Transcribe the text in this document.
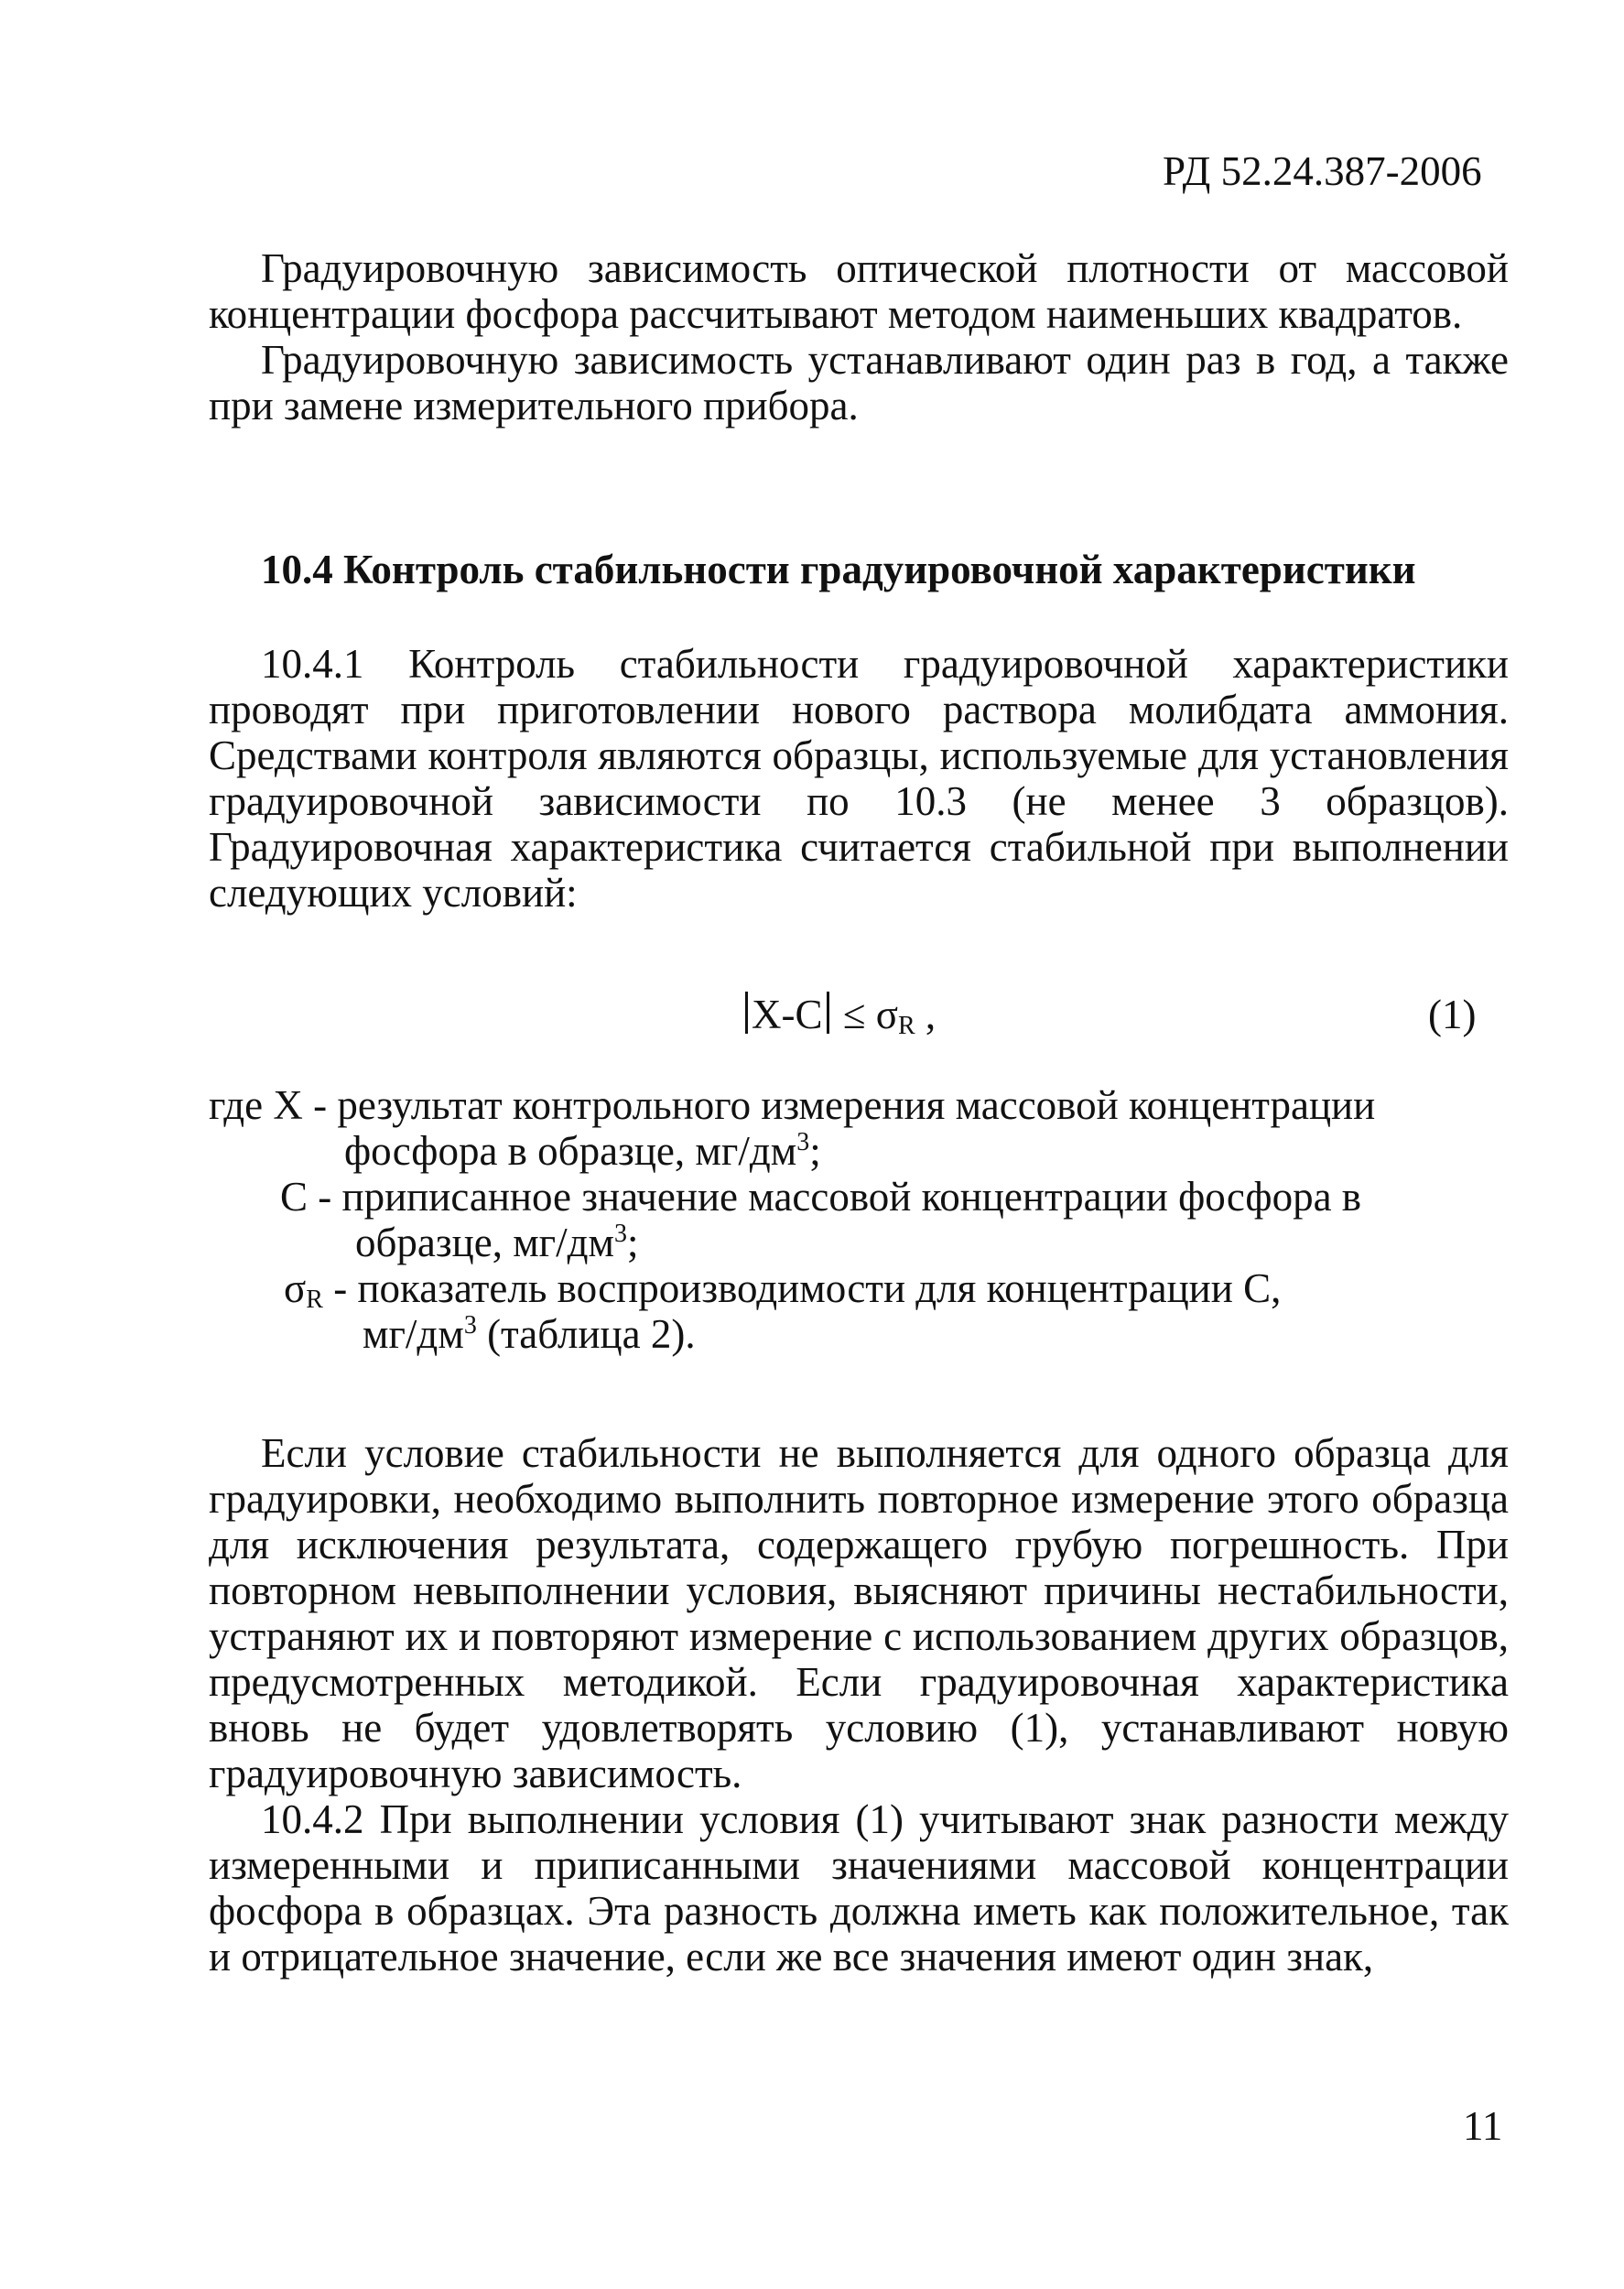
РД 52.24.387-2006

Градуировочную зависимость оптической плотности от массовой концентрации фосфора рассчитывают методом наименьших квадратов.

Градуировочную зависимость устанавливают один раз в год, а также при замене измерительного прибора.

10.4 Контроль стабильности градуировочной характеристики

10.4.1 Контроль стабильности градуировочной характеристики проводят при приготовлении нового раствора молибдата аммония. Средствами контроля являются образцы, используемые для установления градуировочной зависимости по 10.3 (не менее 3 образцов). Градуировочная характеристика считается стабильной при выполнении следующих условий:

$X-C \le \sigma_R$ ,	(1)
где X - результат контрольного измерения массовой концентрации
фосфора в образце, $мг/дм^3$;
C - приписанное значение массовой концентрации фосфора в
образце, $мг/дм^3$;
$\sigma_R$ - показатель воспроизводимости для концентрации С,
$мг/дм^3$ (таблица 2).

Если условие стабильности не выполняется для одного образца для градуировки, необходимо выполнить повторное измерение этого образца для исключения результата, содержащего грубую погрешность. При повторном невыполнении условия, выясняют причины нестабильности, устраняют их и повторяют измерение с использованием других образцов, предусмотренных методикой. Если градуировочная характеристика вновь не будет удовлетворять условию (1), устанавливают новую градуировочную зависимость.

10.4.2 При выполнении условия (1) учитывают знак разности между измеренными и приписанными значениями массовой концентрации фосфора в образцах. Эта разность должна иметь как положительное, так и отрицательное значение, если же все значения имеют один знак,

11
